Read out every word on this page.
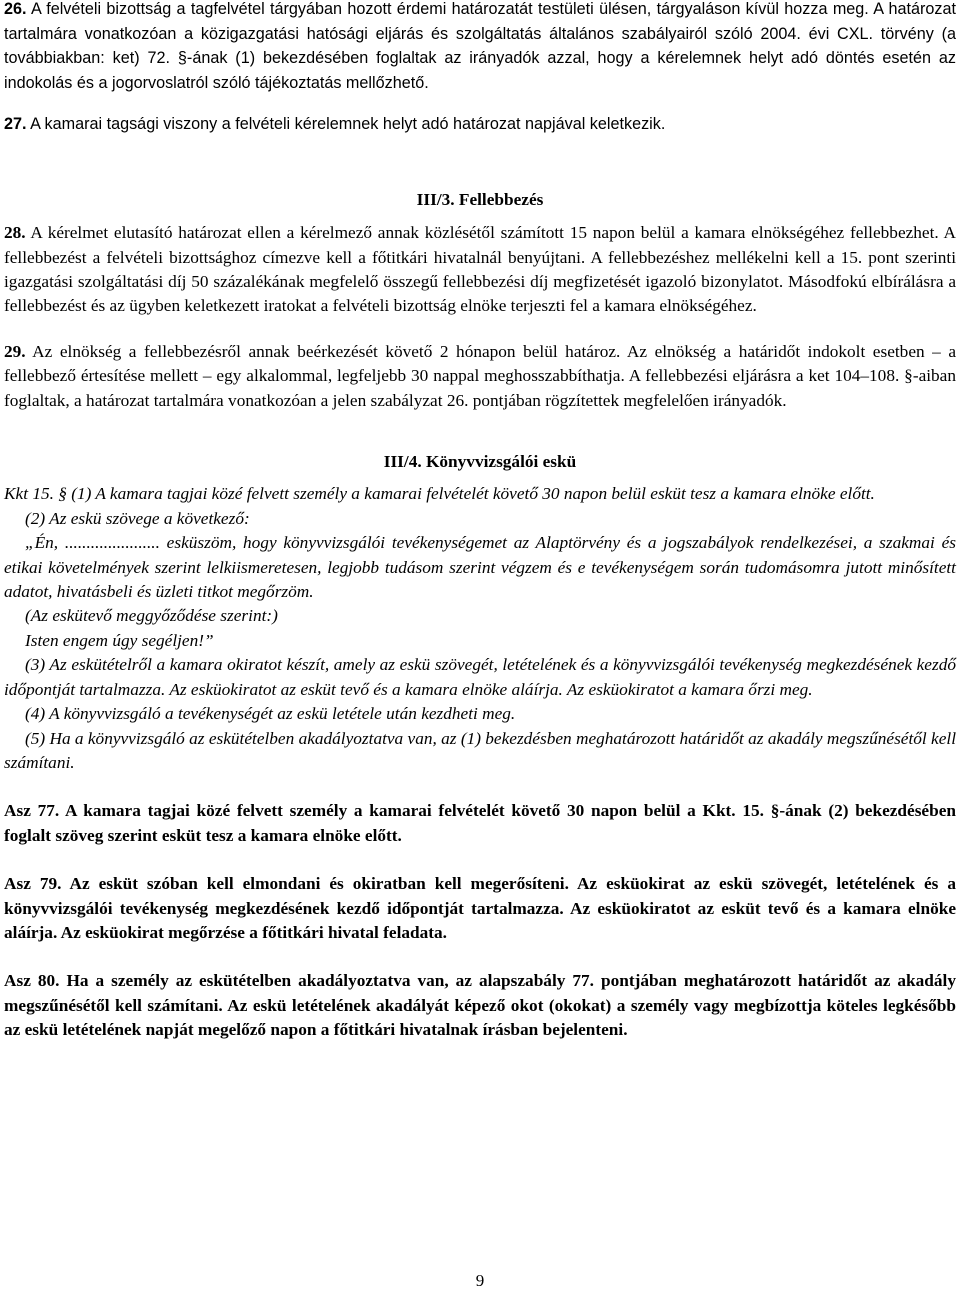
26. A felvételi bizottság a tagfelvétel tárgyában hozott érdemi határozatát testületi ülésen, tárgyaláson kívül hozza meg. A határozat tartalmára vonatkozóan a közigazgatási hatósági eljárás és szolgáltatás általános szabályairól szóló 2004. évi CXL. törvény (a továbbiakban: ket) 72. §-ának (1) bekezdésében foglaltak az irányadók azzal, hogy a kérelemnek helyt adó döntés esetén az indokolás és a jogorvoslatról szóló tájékoztatás mellőzhető.

27. A kamarai tagsági viszony a felvételi kérelemnek helyt adó határozat napjával keletkezik.

III/3. Fellebbezés

28. A kérelmet elutasító határozat ellen a kérelmező annak közlésétől számított 15 napon belül a kamara elnökségéhez fellebbezhet. A fellebbezést a felvételi bizottsághoz címezve kell a főtitkári hivatalnál benyújtani. A fellebbezéshez mellékelni kell a 15. pont szerinti igazgatási szolgáltatási díj 50 százalékának megfelelő összegű fellebbezési díj megfizetését igazoló bizonylatot. Másodfokú elbírálásra a fellebbezést és az ügyben keletkezett iratokat a felvételi bizottság elnöke terjeszti fel a kamara elnökségéhez.

29. Az elnökség a fellebbezésről annak beérkezését követő 2 hónapon belül határoz. Az elnökség a határidőt indokolt esetben – a fellebbező értesítése mellett – egy alkalommal, legfeljebb 30 nappal meghosszabbíthatja. A fellebbezési eljárásra a ket 104–108. §-aiban foglaltak, a határozat tartalmára vonatkozóan a jelen szabályzat 26. pontjában rögzítettek megfelelően irányadók.

III/4. Könyvvizsgálói eskü

Kkt 15. § (1) A kamara tagjai közé felvett személy a kamarai felvételét követő 30 napon belül esküt tesz a kamara elnöke előtt.

(2) Az eskü szövege a következő:

„Én, ...................... esküszöm, hogy könyvvizsgálói tevékenységemet az Alaptörvény és a jogszabályok rendelkezései, a szakmai és etikai követelmények szerint lelkiismeretesen, legjobb tudásom szerint végzem és e tevékenységem során tudomásomra jutott minősített adatot, hivatásbeli és üzleti titkot megőrzöm.

(Az eskütevő meggyőződése szerint:)

Isten engem úgy segéljen!”

(3) Az eskütételről a kamara okiratot készít, amely az eskü szövegét, letételének és a könyvvizsgálói tevékenység megkezdésének kezdő időpontját tartalmazza. Az esküokiratot az esküt tevő és a kamara elnöke aláírja. Az esküokiratot a kamara őrzi meg.

(4) A könyvvizsgáló a tevékenységét az eskü letétele után kezdheti meg.

(5) Ha a könyvvizsgáló az eskütételben akadályoztatva van, az (1) bekezdésben meghatározott határidőt az akadály megszűnésétől kell számítani.

Asz 77. A kamara tagjai közé felvett személy a kamarai felvételét követő 30 napon belül a Kkt. 15. §-ának (2) bekezdésében foglalt szöveg szerint esküt tesz a kamara elnöke előtt.

Asz 79. Az esküt szóban kell elmondani és okiratban kell megerősíteni. Az esküokirat az eskü szövegét, letételének és a könyvvizsgálói tevékenység megkezdésének kezdő időpontját tartalmazza. Az esküokiratot az esküt tevő és a kamara elnöke aláírja. Az esküokirat megőrzése a főtitkári hivatal feladata.

Asz 80. Ha a személy az eskütételben akadályoztatva van, az alapszabály 77. pontjában meghatározott határidőt az akadály megszűnésétől kell számítani. Az eskü letételének akadályát képező okot (okokat) a személy vagy megbízottja köteles legkésőbb az eskü letételének napját megelőző napon a főtitkári hivatalnak írásban bejelenteni.

9
